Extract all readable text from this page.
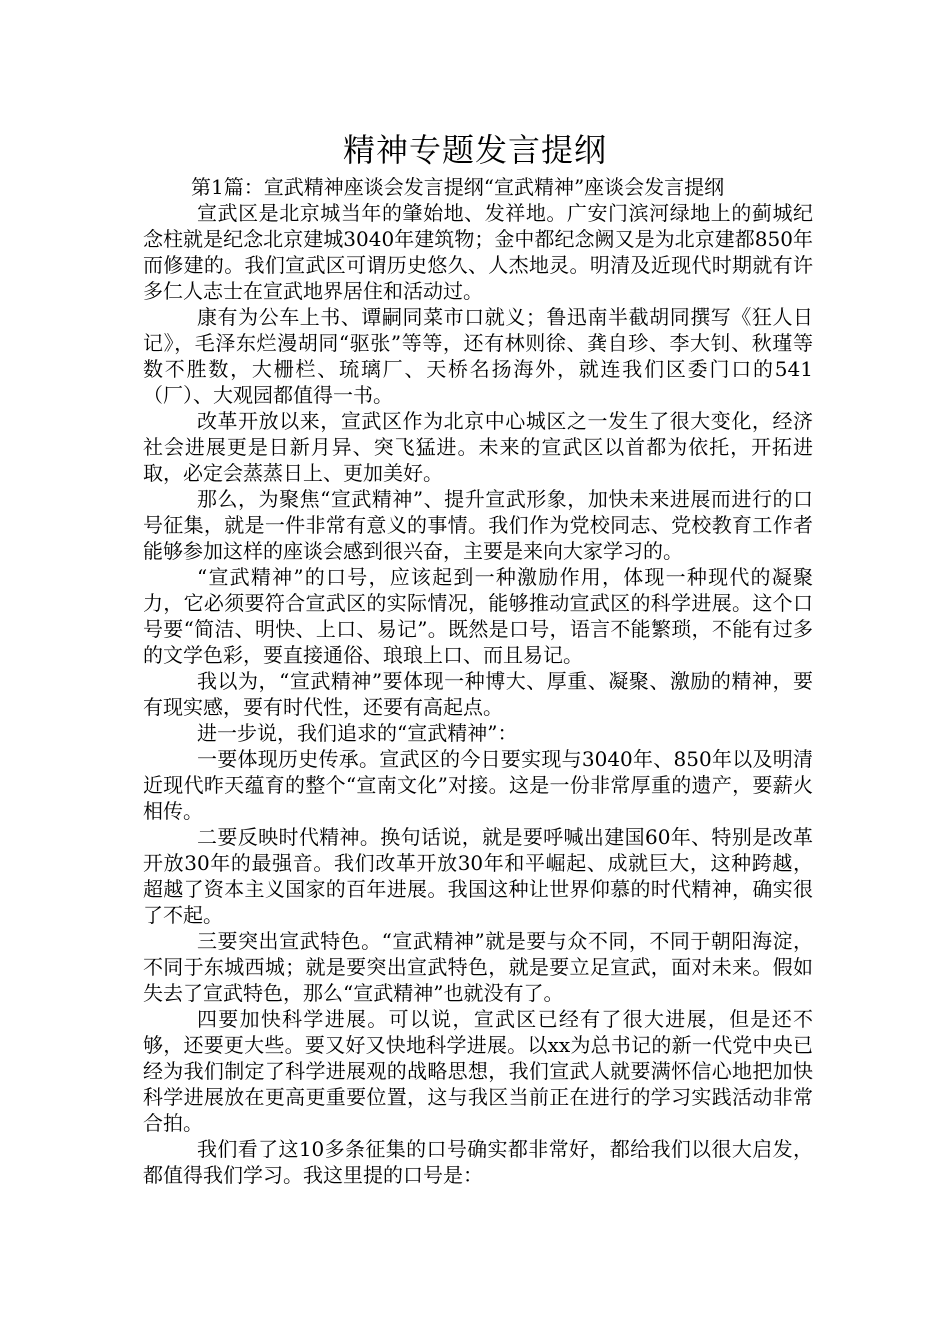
精神专题发言提纲

第1篇：宣武精神座谈会发言提纲“宣武精神”座谈会发言提纲

宣武区是北京城当年的肇始地、发祥地。广安门滨河绿地上的蓟城纪念柱就是纪念北京建城3040年建筑物；金中都纪念阙又是为北京建都850年而修建的。我们宣武区可谓历史悠久、人杰地灵。明清及近现代时期就有许多仁人志士在宣武地界居住和活动过。

康有为公车上书、谭嗣同菜市口就义；鲁迅南半截胡同撰写《狂人日记》，毛泽东烂漫胡同“驱张”等等，还有林则徐、龚自珍、李大钊、秋瑾等数不胜数，大栅栏、琉璃厂、天桥名扬海外，就连我们区委门口的541（厂）、大观园都值得一书。

改革开放以来，宣武区作为北京中心城区之一发生了很大变化，经济社会进展更是日新月异、突飞猛进。未来的宣武区以首都为依托，开拓进取，必定会蒸蒸日上、更加美好。

那么，为聚焦“宣武精神”、提升宣武形象，加快未来进展而进行的口号征集，就是一件非常有意义的事情。我们作为党校同志、党校教育工作者能够参加这样的座谈会感到很兴奋，主要是来向大家学习的。

“宣武精神”的口号，应该起到一种激励作用，体现一种现代的凝聚力，它必须要符合宣武区的实际情况，能够推动宣武区的科学进展。这个口号要“简洁、明快、上口、易记”。既然是口号，语言不能繁琐，不能有过多的文学色彩，要直接通俗、琅琅上口、而且易记。

我以为，“宣武精神”要体现一种博大、厚重、凝聚、激励的精神，要有现实感，要有时代性，还要有高起点。

进一步说，我们追求的“宣武精神”：

一要体现历史传承。宣武区的今日要实现与3040年、850年以及明清近现代昨天蕴育的整个“宣南文化”对接。这是一份非常厚重的遗产，要薪火相传。

二要反映时代精神。换句话说，就是要呼喊出建国60年、特别是改革开放30年的最强音。我们改革开放30年和平崛起、成就巨大，这种跨越，超越了资本主义国家的百年进展。我国这种让世界仰慕的时代精神，确实很了不起。

三要突出宣武特色。“宣武精神”就是要与众不同，不同于朝阳海淀，不同于东城西城；就是要突出宣武特色，就是要立足宣武，面对未来。假如失去了宣武特色，那么“宣武精神”也就没有了。

四要加快科学进展。可以说，宣武区已经有了很大进展，但是还不够，还要更大些。要又好又快地科学进展。以xx为总书记的新一代党中央已经为我们制定了科学进展观的战略思想，我们宣武人就要满怀信心地把加快科学进展放在更高更重要位置，这与我区当前正在进行的学习实践活动非常合拍。

我们看了这10多条征集的口号确实都非常好，都给我们以很大启发，都值得我们学习。我这里提的口号是：
